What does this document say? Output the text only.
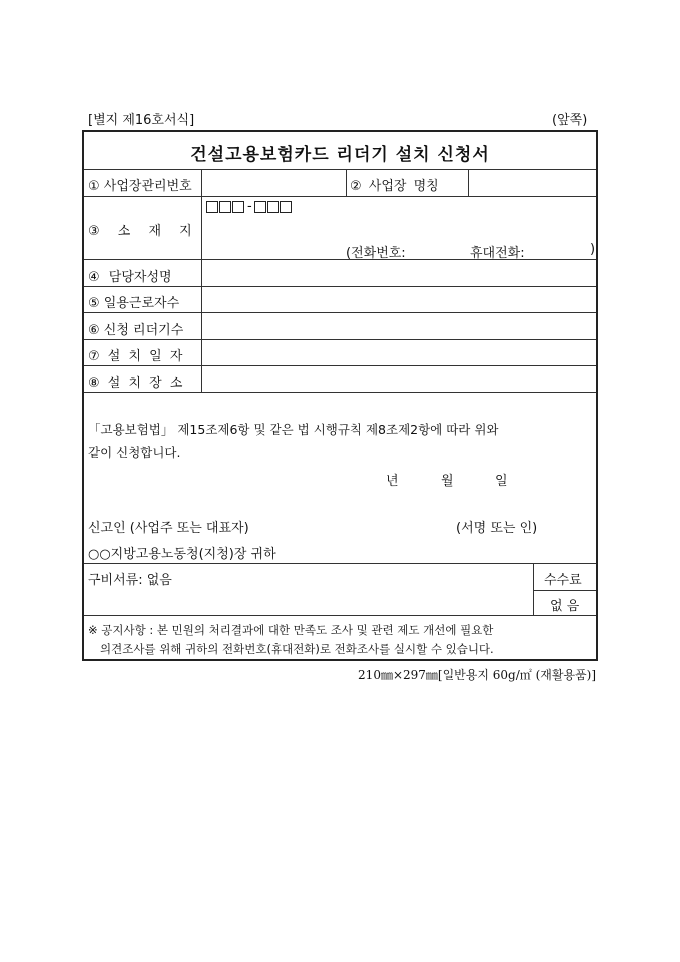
[별지 제16호서식]	(앞쪽)
건설고용보험카드 리더기 설치 신청서
① 사업장관리번호	② 사업장 명칭
③ 소 재 지
-
(전화번호:	휴대전화:	)
④ 담당자성명
⑤ 일용근로자수
⑥ 신청 리더기수
⑦ 설 치 일 자
⑧ 설 치 장 소
「고용보험법」 제15조제6항 및 같은 법 시행규칙 제8조제2항에 따라 위와
같이 신청합니다.
년	월	일
신고인 (사업주 또는 대표자)	(서명 또는 인)
○○지방고용노동청(지청)장 귀하
구비서류: 없음	수수료
없 음
※ 공지사항 : 본 민원의 처리결과에 대한 만족도 조사 및 관련 제도 개선에 필요한
의견조사를 위해 귀하의 전화번호(휴대전화)로 전화조사를 실시할 수 있습니다.
210㎜×297㎜[일반용지 60g/㎡ (재활용품)]
